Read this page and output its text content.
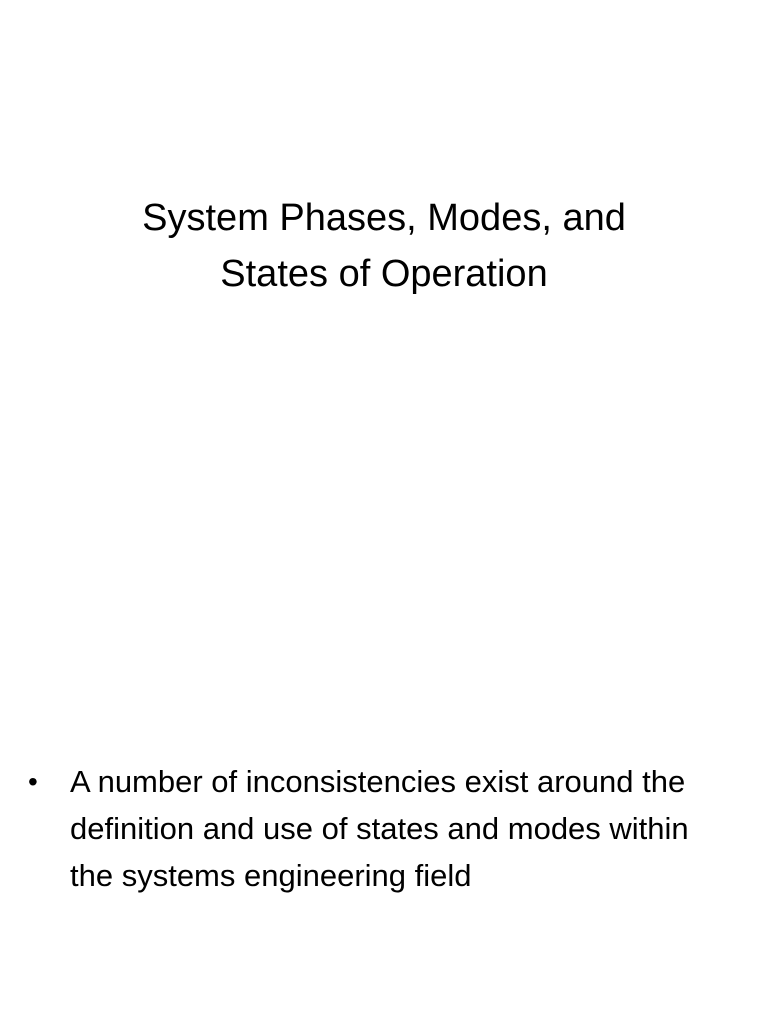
System Phases, Modes, and
States of Operation
•	A number of inconsistencies exist around the definition and use of states and modes within the systems engineering field
